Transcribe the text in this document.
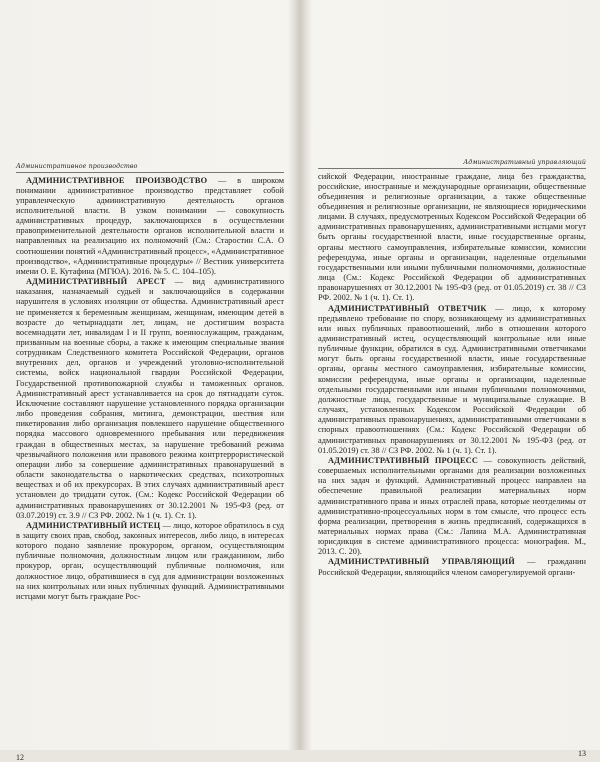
Административное производство

АДМИНИСТРАТИВНОЕ ПРОИЗВОДСТВО — в широком понимании административное производство представляет собой управленческую административную деятельность органов исполнительной власти. В узком понимании — совокупность административных процедур, заключающихся в осуществлении правоприменительной деятельности органов исполнительной власти и направленных на реализацию их полномочий (См.: Старостин С.А. О соотношении понятий «Административный процесс», «Административное производство», «Административные процедуры» // Вестник университета имени О. Е. Кутафина (МГЮА). 2016. № 5. С. 104–105).

АДМИНИСТРАТИВНЫЙ АРЕСТ — вид административного наказания, назначаемый судьей и заключающийся в содержании нарушителя в условиях изоляции от общества. Административный арест не применяется к беременным женщинам, женщинам, имеющим детей в возрасте до четырнадцати лет, лицам, не достигшим возраста восемнадцати лет, инвалидам I и II групп, военнослужащим, гражданам, призванным на военные сборы, а также к имеющим специальные звания сотрудникам Следственного комитета Российской Федерации, органов внутренних дел, органов и учреждений уголовно-исполнительной системы, войск национальной гвардии Российской Федерации, Государственной противопожарной службы и таможенных органов. Административный арест устанавливается на срок до пятнадцати суток. Исключение составляют нарушение установленного порядка организации либо проведения собрания, митинга, демонстрации, шествия или пикетирования либо организация повлекшего нарушение общественного порядка массового одновременного пребывания или передвижения граждан в общественных местах, за нарушение требований режима чрезвычайного положения или правового режима контртеррористической операции либо за совершение административных правонарушений в области законодательства о наркотических средствах, психотропных веществах и об их прекурсорах. В этих случаях административный арест установлен до тридцати суток. (См.: Кодекс Российской Федерации об административных правонарушениях от 30.12.2001 № 195-ФЗ (ред. от 03.07.2019) ст. 3.9 // СЗ РФ. 2002. № 1 (ч. 1). Ст. 1).

АДМИНИСТРАТИВНЫЙ ИСТЕЦ — лицо, которое обратилось в суд в защиту своих прав, свобод, законных интересов, либо лицо, в интересах которого подано заявление прокурором, органом, осуществляющим публичные полномочия, должностным лицом или гражданином, либо прокурор, орган, осуществляющий публичные полномочия, или должностное лицо, обратившиеся в суд для администрации возложенных на них контрольных или иных публичных функций. Административными истцами могут быть граждане Рос-

12
Административный управляющий

сийской Федерации, иностранные граждане, лица без гражданства, российские, иностранные и международные организации, общественные объединения и религиозные организации, а также общественные объединения и религиозные организации, не являющиеся юридическими лицами. В случаях, предусмотренных Кодексом Российской Федерации об административных правонарушениях, административными истцами могут быть органы государственной власти, иные государственные органы, органы местного самоуправления, избирательные комиссии, комиссии референдума, иные органы и организации, наделенные отдельными государственными или иными публичными полномочиями, должностные лица (См.: Кодекс Российской Федерации об административных правонарушениях от 30.12.2001 № 195-ФЗ (ред. от 01.05.2019) ст. 38 // СЗ РФ. 2002. № 1 (ч. 1). Ст. 1).

АДМИНИСТРАТИВНЫЙ ОТВЕТЧИК — лицо, к которому предъявлено требование по спору, возникающему из административных или иных публичных правоотношений, либо в отношении которого административный истец, осуществляющий контрольные или иные публичные функции, обратился в суд. Административными ответчиками могут быть органы государственной власти, иные государственные органы, органы местного самоуправления, избирательные комиссии, комиссии референдума, иные органы и организации, наделенные отдельными государственными или иными публичными полномочиями, должностные лица, государственные и муниципальные служащие. В случаях, установленных Кодексом Российской Федерации об административных правонарушениях, административными ответчиками в спорных правоотношениях (См.: Кодекс Российской Федерации об административных правонарушениях от 30.12.2001 № 195-ФЗ (ред. от 01.05.2019) ст. 38 // СЗ РФ. 2002. № 1 (ч. 1). Ст. 1).

АДМИНИСТРАТИВНЫЙ ПРОЦЕСС — совокупность действий, совершаемых исполнительными органами для реализации возложенных на них задач и функций. Административный процесс направлен на обеспечение правильной реализации материальных норм административного права и иных отраслей права, которые неотделимы от административно-процессуальных норм в том смысле, что процесс есть форма реализации, претворения в жизнь предписаний, содержащихся в материальных нормах права (См.: Лапина М.А. Административная юрисдикция в системе административного процесса: монография. М., 2013. С. 20).

АДМИНИСТРАТИВНЫЙ УПРАВЛЯЮЩИЙ — гражданин Российской Федерации, являющийся членом саморегулируемой органи-

13
